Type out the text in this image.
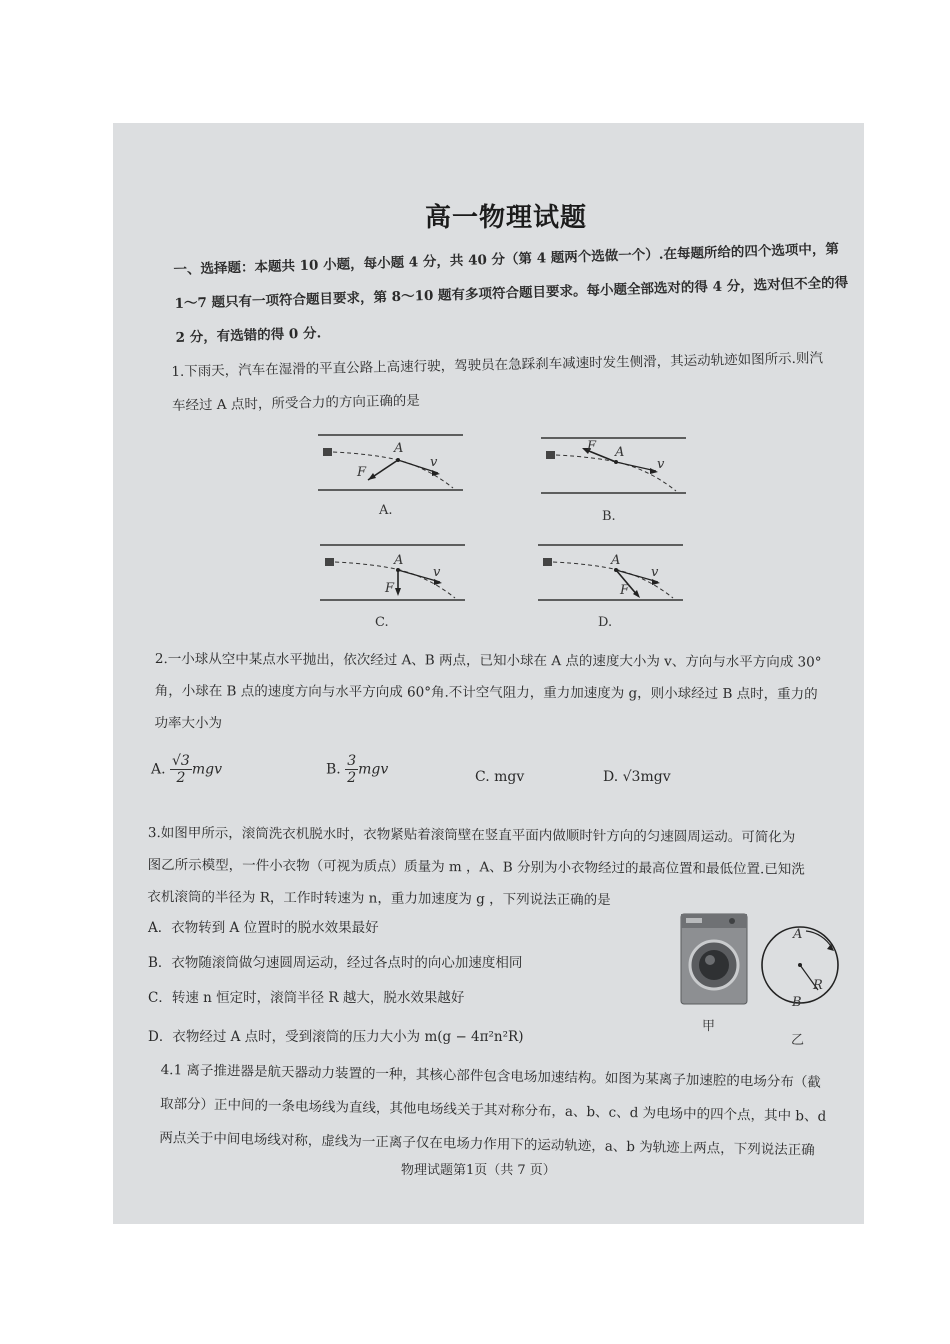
高一物理试题
一、选择题：本题共 10 小题，每小题 4 分，共 40 分（第 4 题两个选做一个）.在每题所给的四个选项中，第
1～7 题只有一项符合题目要求，第 8～10 题有多项符合题目要求。每小题全部选对的得 4 分，选对但不全的得
2 分，有选错的得 0 分.
1.下雨天，汽车在湿滑的平直公路上高速行驶，驾驶员在急踩刹车减速时发生侧滑，其运动轨迹如图所示.则汽
车经过 A 点时，所受合力的方向正确的是
A
F
v
A.
A
F
v
B.
A
F
v
C.
A
F
v
D.
2.一小球从空中某点水平抛出，依次经过 A、B 两点，已知小球在 A 点的速度大小为 v、方向与水平方向成 30°
角，小球在 B 点的速度方向与水平方向成 60°角.不计空气阻力，重力加速度为 g，则小球经过 B 点时，重力的
功率大小为
A. $\frac{√3}{2}$ mgv	B. $\frac{3}{2}$ mgv	C. mgv	D. √3mgv
3.如图甲所示，滚筒洗衣机脱水时，衣物紧贴着滚筒壁在竖直平面内做顺时针方向的匀速圆周运动。可简化为
图乙所示模型，一件小衣物（可视为质点）质量为 m ，A、B 分别为小衣物经过的最高位置和最低位置.已知洗
衣机滚筒的半径为 R，工作时转速为 n，重力加速度为 g ，下列说法正确的是
A．衣物转到 A 位置时的脱水效果最好
B．衣物随滚筒做匀速圆周运动，经过各点时的向心加速度相同
C．转速 n 恒定时，滚筒半径 R 越大，脱水效果越好
D．衣物经过 A 点时，受到滚筒的压力大小为 m(g − 4π²n²R)
甲
A
B
R
乙
4.1 离子推进器是航天器动力装置的一种，其核心部件包含电场加速结构。如图为某离子加速腔的电场分布（截
取部分）正中间的一条电场线为直线，其他电场线关于其对称分布，a、b、c、d 为电场中的四个点，其中 b、d
两点关于中间电场线对称，虚线为一正离子仅在电场力作用下的运动轨迹，a、b 为轨迹上两点，下列说法正确
物理试题第1页（共 7 页）
